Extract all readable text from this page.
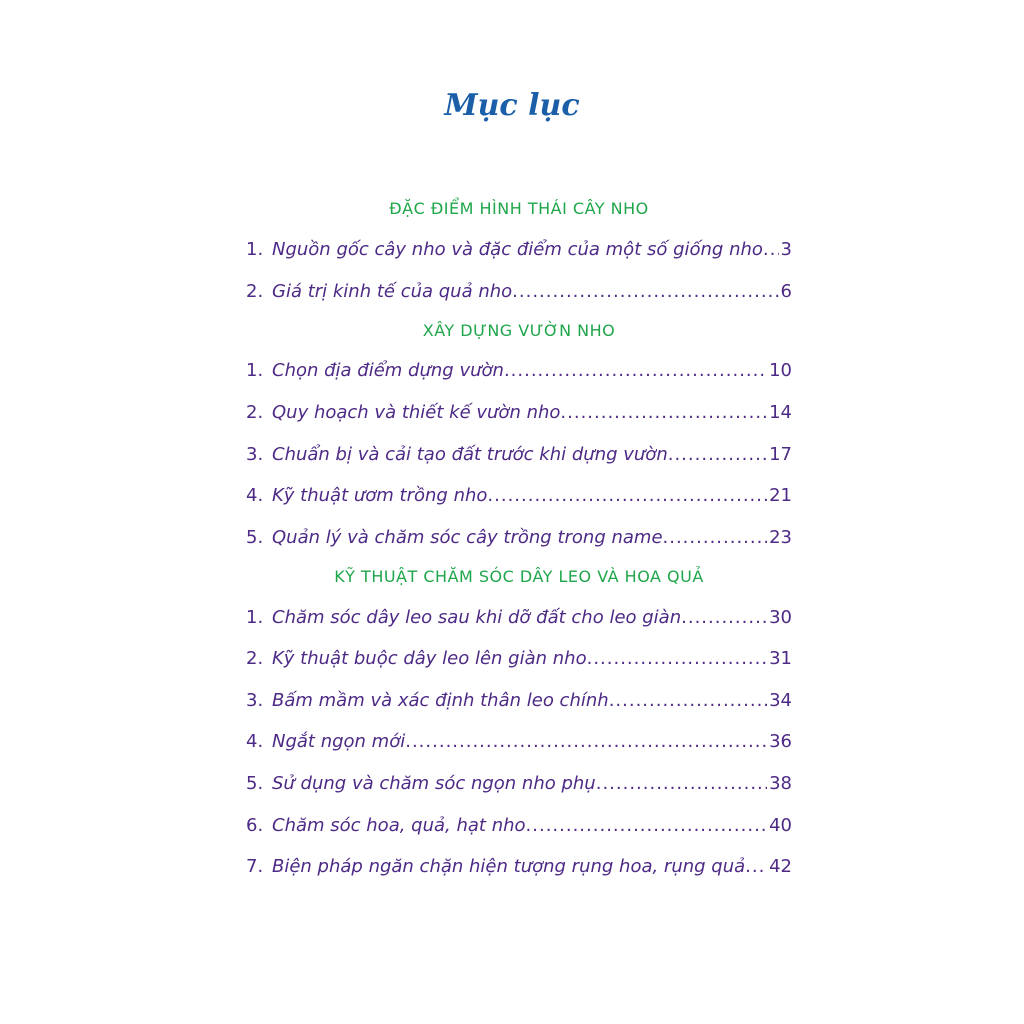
Mục lục
ĐẶC ĐIỂM HÌNH THÁI CÂY NHO
1. Nguồn gốc cây nho và đặc điểm của một số giống nho ..... 3
2. Giá trị kinh tế của quả nho .....	6
XÂY DỰNG VƯỜN NHO
1. Chọn địa điểm dựng vườn .....	10
2. Quy hoạch và thiết kế vườn nho .....	14
3. Chuẩn bị và cải tạo đất trước khi dựng vườn .....	17
4. Kỹ thuật ươm trồng nho .....	21
5. Quản lý và chăm sóc cây trồng trong name .....	23
KỸ THUẬT CHĂM SÓC DÂY LEO VÀ HOA QUẢ
1. Chăm sóc dây leo sau khi dỡ đất cho leo giàn .....	30
2. Kỹ thuật buộc dây leo lên giàn nho .....	31
3. Bấm mầm và xác định thân leo chính .....	34
4. Ngắt ngọn mới .....	36
5. Sử dụng và chăm sóc ngọn nho phụ .....	38
6. Chăm sóc hoa, quả, hạt nho .....	40
7. Biện pháp ngăn chặn hiện tượng rụng hoa, rụng quả ..... 42
